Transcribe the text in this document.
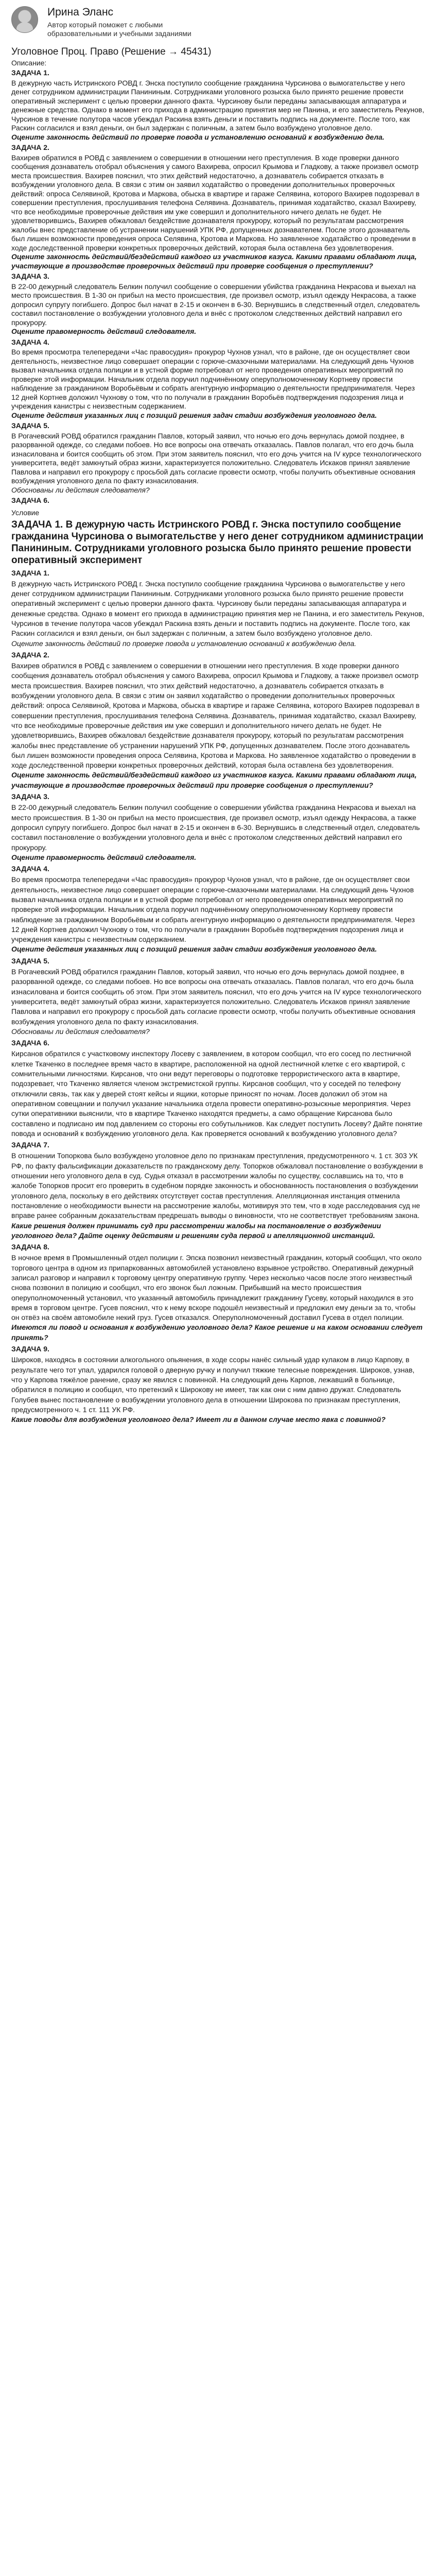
Ирина Эланс
Автор который поможет с любыми образовательными и учебными заданиями
Уголовное Проц. Право (Решение → 45431)
Описание:

ЗАДАЧА 1.

В дежурную часть Истринского РОВД г. Энска поступило сообщение гражданина Чурсинова о вымогательстве у него денег сотрудником администрации Панининым. Сотрудниками уголовного розыска было принято решение провести оперативный эксперимент с целью проверки данного факта. Чурсинову были переданы запасывающая аппаратура и денежные средства. Однако в момент его прихода в администрацию принятия мер не Панина, и его заместитель Рекунов, Чурсинов в течение полутора часов убеждал Раскина взять деньги и поставить подпись на документе. После того, как Раскин согласился и взял деньги, он был задержан с поличным, а затем было возбуждено уголовное дело.

Оцените законность действий по проверке повода и установлению оснований к возбуждению дела.

ЗАДАЧА 2.

Вахирев обратился в РОВД с заявлением о совершении в отношении него преступления. В ходе проверки данного сообщения дознаватель отобрал объяснения у самого Вахирева, опросил Крымова и Гладкову, а также произвел осмотр места происшествия. Вахирев пояснил, что этих действий недостаточно, а дознаватель собирается отказать в возбуждении уголовного дела. В связи с этим он заявил ходатайство о проведении дополнительных проверочных действий: опроса Селявиной, Кротова и Маркова, обыска в квартире и гараже Селявина, которого Вахирев подозревал в совершении преступления, прослушивания телефона Селявина. Дознаватель, принимая ходатайство, сказал Вахиреву, что все необходимые проверочные действия им уже совершил и дополнительного ничего делать не будет. Не удовлетворившись, Вахирев обжаловал бездействие дознавателя прокурору, который по результатам рассмотрения жалобы внес представление об устранении нарушений УПК РФ, допущенных дознавателем. После этого дознаватель был лишен возможности проведения опроса Селявина, Кротова и Маркова. Но заявленное ходатайство о проведении в ходе доследственной проверки конкретных проверочных действий, которая была оставлена без удовлетворения.

Оцените законность действий/бездействий каждого из участников казуса. Какими правами обладают лица, участвующие в производстве проверочных действий при проверке сообщения о преступлении?

ЗАДАЧА 3.

В 22-00 дежурный следователь Белкин получил сообщение о совершении убийства гражданина Некрасова и выехал на место происшествия. В 1-30 он прибыл на место происшествия, где произвел осмотр, изъял одежду Некрасова, а также допросил супругу погибшего. Допрос был начат в 2-15 и окончен в 6-30. Вернувшись в следственный отдел, следователь составил постановление о возбуждении уголовного дела и внёс с протоколом следственных действий направил его прокурору.

Оцените правомерность действий следователя.

ЗАДАЧА 4.

Во время просмотра телепередачи «Час правосудия» прокурор Чухнов узнал, что в районе, где он осуществляет свои деятельность, неизвестное лицо совершает операции с горюче-смазочными материалами. На следующий день Чухнов вызвал начальника отдела полиции и в устной форме потребовал от него проведения оперативных мероприятий по проверке этой информации. Начальник отдела поручил подчинённому оперуполномоченному Кортневу провести наблюдение за гражданином Воробьёвым и собрать агентурную информацию о деятельности предпринимателя. Через 12 дней Кортнев доложил Чухнову о том, что по получали в гражданин Воробьёв подтверждения подозрения лица и учреждения канистры с неизвестным содержанием.

Оцените действия указанных лиц с позиций решения задач стадии возбуждения уголовного дела.

ЗАДАЧА 5.

В Рогачевский РОВД обратился гражданин Павлов, который заявил, что ночью его дочь вернулась домой позднее, в разорванной одежде, со следами побоев. Но все вопросы она отвечать отказалась. Павлов полагал, что его дочь была изнасилована и боится сообщить об этом. При этом заявитель пояснил, что его дочь учится на IV курсе технологического университета, ведёт замкнутый образ жизни, характеризуется положительно. Следователь Искаков принял заявление Павлова и направил его прокурору с просьбой дать согласие провести осмотр, чтобы получить объективные основания возбуждения уголовного дела по факту изнасилования.

Обоснованы ли действия следователя?

ЗАДАЧА 6.

Условие

ЗАДАЧА 1. В дежурную часть Истринского РОВД г. Энска поступило сообщение гражданина Чурсинова о вымогательстве у него денег сотрудником администрации Панининым. Сотрудниками уголовного розыска было принято решение провести оперативный эксперимент

ЗАДАЧА 1.

В дежурную часть Истринского РОВД г. Энска поступило сообщение гражданина Чурсинова о вымогательстве у него денег сотрудником администрации Панининым. Сотрудниками уголовного розыска было принято решение провести оперативный эксперимент с целью проверки данного факта. Чурсинову были переданы запасывающая аппаратура и денежные средства. Однако в момент его прихода в администрацию принятия мер не Панина, и его заместитель Рекунов, Чурсинов в течение полутора часов убеждал Раскина взять деньги и поставить подпись на документе. После того, как Раскин согласился и взял деньги, он был задержан с поличным, а затем было возбуждено уголовное дело.

Оцените законность действий по проверке повода и установлению оснований к возбуждению дела.

ЗАДАЧА 2.

Вахирев обратился в РОВД с заявлением о совершении в отношении него преступления. В ходе проверки данного сообщения дознаватель отобрал объяснения у самого Вахирева, опросил Крымова и Гладкову, а также произвел осмотр места происшествия. Вахирев пояснил, что этих действий недостаточно, а дознаватель собирается отказать в возбуждении уголовного дела. В связи с этим он заявил ходатайство о проведении дополнительных проверочных действий: опроса Селявиной, Кротова и Маркова, обыска в квартире и гараже Селявина, которого Вахирев подозревал в совершении преступления, прослушивания телефона Селявина. Дознаватель, принимая ходатайство, сказал Вахиреву, что все необходимые проверочные действия им уже совершил и дополнительного ничего делать не будет. Не удовлетворившись, Вахирев обжаловал бездействие дознавателя прокурору, который по результатам рассмотрения жалобы внес представление об устранении нарушений УПК РФ, допущенных дознавателем. После этого дознаватель был лишен возможности проведения опроса Селявина, Кротова и Маркова. Но заявленное ходатайство о проведении в ходе доследственной проверки конкретных проверочных действий, которая была оставлена без удовлетворения.

Оцените законность действий/бездействий каждого из участников казуса. Какими правами обладают лица, участвующие в производстве проверочных действий при проверке сообщения о преступлении?

ЗАДАЧА 3.

В 22-00 дежурный следователь Белкин получил сообщение о совершении убийства гражданина Некрасова и выехал на место происшествия. В 1-30 он прибыл на место происшествия, где произвел осмотр, изъял одежду Некрасова, а также допросил супругу погибшего. Допрос был начат в 2-15 и окончен в 6-30. Вернувшись в следственный отдел, следователь составил постановление о возбуждении уголовного дела и внёс с протоколом следственных действий направил его прокурору.

Оцените правомерность действий следователя.

ЗАДАЧА 4.

Во время просмотра телепередачи «Час правосудия» прокурор Чухнов узнал, что в районе, где он осуществляет свои деятельность, неизвестное лицо совершает операции с горюче-смазочными материалами. На следующий день Чухнов вызвал начальника отдела полиции и в устной форме потребовал от него проведения оперативных мероприятий по проверке этой информации. Начальник отдела поручил подчинённому оперуполномоченному Кортневу провести наблюдение за гражданином Воробьёвым и собрать агентурную информацию о деятельности предпринимателя. Через 12 дней Кортнев доложил Чухнову о том, что по получали в гражданин Воробьёв подтверждения подозрения лица и учреждения канистры с неизвестным содержанием.

Оцените действия указанных лиц с позиций решения задач стадии возбуждения уголовного дела.

ЗАДАЧА 5.

В Рогачевский РОВД обратился гражданин Павлов, который заявил, что ночью его дочь вернулась домой позднее, в разорванной одежде, со следами побоев. Но все вопросы она отвечать отказалась. Павлов полагал, что его дочь была изнасилована и боится сообщить об этом. При этом заявитель пояснил, что его дочь учится на IV курсе технологического университета, ведёт замкнутый образ жизни, характеризуется положительно. Следователь Искаков принял заявление Павлова и направил его прокурору с просьбой дать согласие провести осмотр, чтобы получить объективные основания возбуждения уголовного дела по факту изнасилования.

Обоснованы ли действия следователя?

ЗАДАЧА 6.

Кирсанов обратился с участковому инспектору Лосеву с заявлением, в котором сообщил, что его сосед по лестничной клетке Ткаченко в последнее время часто в квартире, расположенной на одной лестничной клетке с его квартирой, с сомнительными личностями. Кирсанов, что они ведут переговоры о подготовке террористического акта в квартире, подозревает, что Ткаченко является членом экстремистской группы. Кирсанов сообщил, что у соседей по телефону отключили связь, так как у дверей стоят кейсы и ящики, которые приносят по ночам. Лосев доложил об этом на оперативном совещании и получил указание начальника отдела провести оперативно-розыскные мероприятия. Через сутки оперативники выяснили, что в квартире Ткаченко находятся предметы, а само обращение Кирсанова было составлено и подписано им под давлением со стороны его собутыльников. Как следует поступить Лосеву? Дайте понятие повода и оснований к возбуждению уголовного дела. Как проверяется оснований к возбуждению уголовного дела?

ЗАДАЧА 7.

В отношении Топоркова было возбуждено уголовное дело по признакам преступления, предусмотренного ч. 1 ст. 303 УК РФ, по факту фальсификации доказательств по гражданскому делу. Топорков обжаловал постановление о возбуждении в отношении него уголовного дела в суд. Судья отказал в рассмотрении жалобы по существу, сославшись на то, что в жалобе Топорков просит его проверить в судебном порядке законность и обоснованность постановления о возбуждении уголовного дела, поскольку в его действиях отсутствует состав преступления. Апелляционная инстанция отменила постановление о необходимости вынести на рассмотрение жалобы, мотивируя это тем, что в ходе расследования суд не вправе ранее собранным доказательствам предрешать выводы о виновности, что не соответствует требованиям закона.

Какие решения должен принимать суд при рассмотрении жалобы на постановление о возбуждении уголовного дела? Дайте оценку действиям и решениям суда первой и апелляционной инстанций.

ЗАДАЧА 8.

В ночное время в Промышленный отдел полиции г. Эпска позвонил неизвестный гражданин, который сообщил, что около торгового центра в одном из припаркованных автомобилей установлено взрывное устройство. Оперативный дежурный записал разговор и направил к торговому центру оперативную группу. Через несколько часов после этого неизвестный снова позвонил в полицию и сообщил, что его звонок был ложным. Прибывший на место происшествия оперуполномоченный установил, что указанный автомобиль принадлежит гражданину Гусеву, который находился в это время в торговом центре. Гусев пояснил, что к нему вскоре подошёл неизвестный и предложил ему деньги за то, чтобы он отвёз на своём автомобиле некий груз. Гусев отказался. Оперуполномоченный доставил Гусева в отдел полиции.

Имеются ли повод и основания к возбуждению уголовного дела? Какое решение и на каком основании следует принять?

ЗАДАЧА 9.

Широков, находясь в состоянии алкогольного опьянения, в ходе ссоры нанёс сильный удар кулаком в лицо Карпову, в результате чего тот упал, ударился головой о дверную ручку и получил тяжкие телесные повреждения. Широков, узнав, что у Карпова тяжёлое ранение, сразу же явился с повинной. На следующий день Карпов, лежавший в больнице, обратился в полицию и сообщил, что претензий к Широкову не имеет, так как они с ним давно дружат. Следователь Голубев вынес постановление о возбуждении уголовного дела в отношении Широкова по признакам преступления, предусмотренного ч. 1 ст. 111 УК РФ.

Какие поводы для возбуждения уголовного дела? Имеет ли в данном случае место явка с повинной?
